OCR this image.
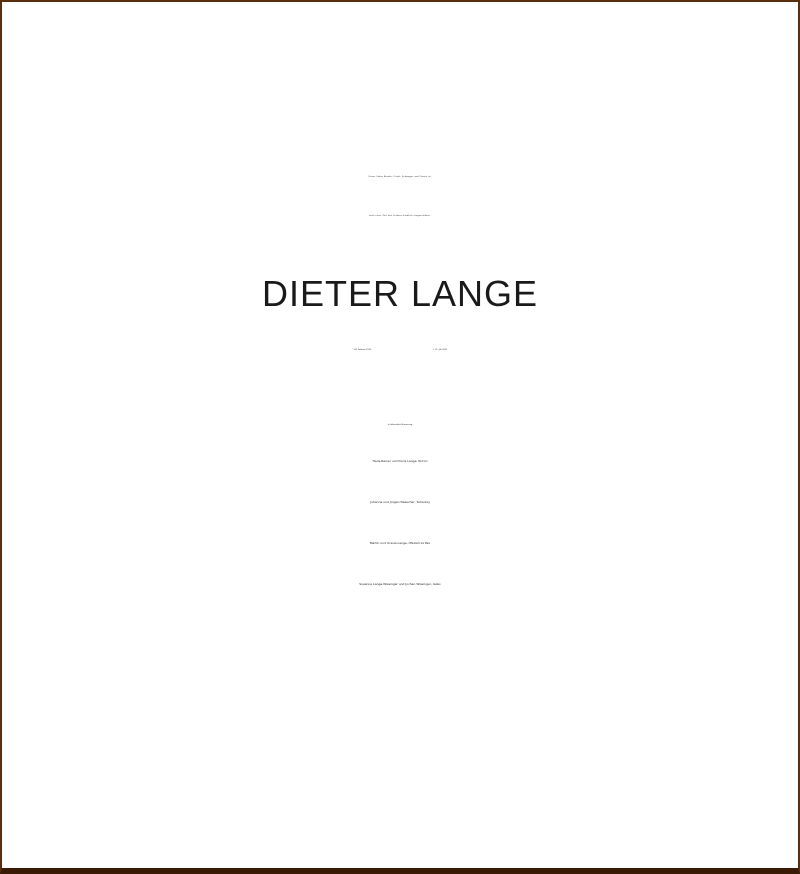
Unser lieber Bruder, Onkel, Schwager und Cousin ist
nach einer Zeit des Leidens friedlich eingeschlafen.
DIETER LANGE
* 28. Februar 1952	† 11. Juli 2021
In liebevoller Erinnerung
Hans-Rainer und Doris Lange, Bochum
Johanna und Jürgen Naescher, Tecklenburg
Martin und Ursula Lange, Offenbach am Main
Susanne Lange-Wissinger und Jochen Wissinger, Gießen
